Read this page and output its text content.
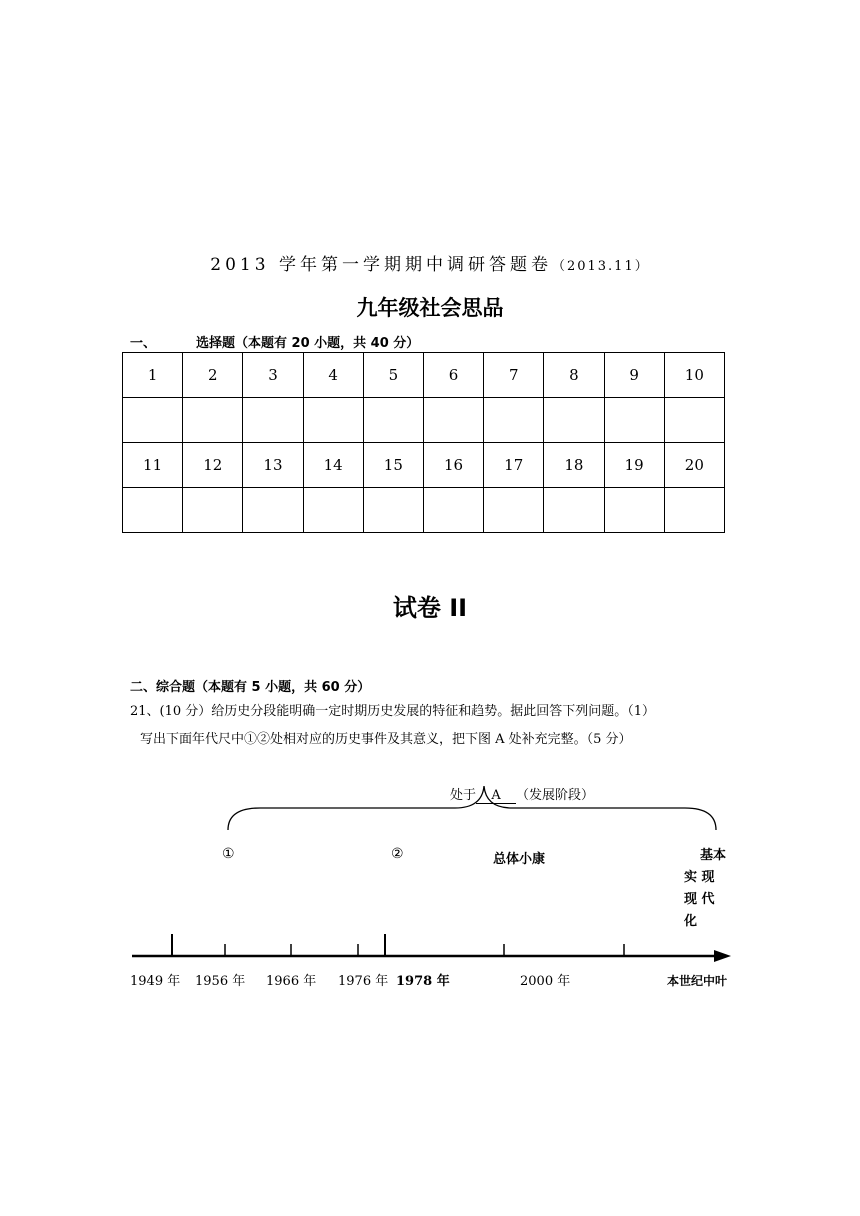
2013 学年第一学期期中调研答题卷（2013.11）
九年级社会思品
一、	选择题（本题有 20 小题，共 40 分）
1	2	3	4	5	6	7	8	9	10

11	12	13	14	15	16	17	18	19	20

试卷 II
二、综合题（本题有 5 小题，共 60 分）
21、(10 分）给历史分段能明确一定时期历史发展的特征和趋势。据此回答下列问题。（1）
写出下面年代尺中①②处相对应的历史事件及其意义，把下图 A 处补充完整。（5 分）
处于 A （发展阶段）
①	②	总体小康	基本
实 现
现 代
化
1949 年 1956 年 1966 年 1976 年 1978 年	2000 年	本世纪中叶
